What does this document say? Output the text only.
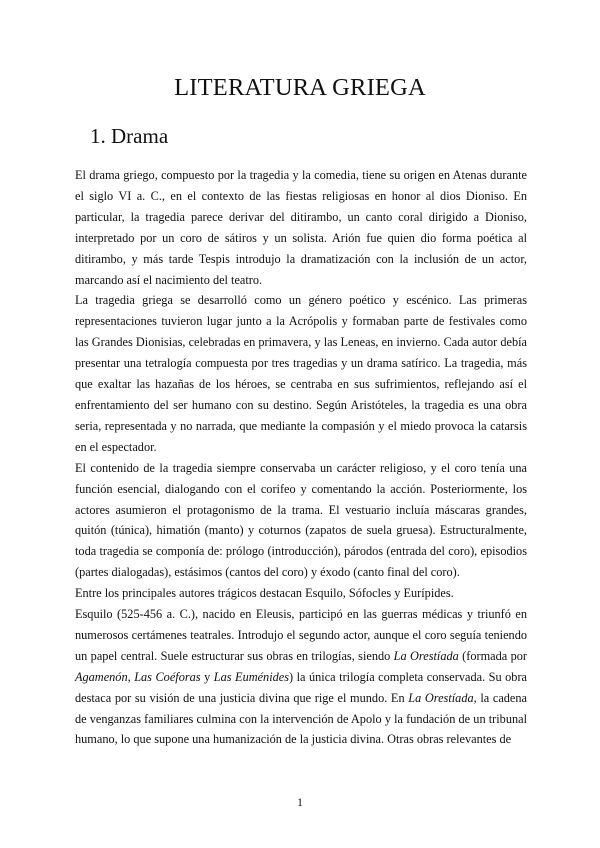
LITERATURA GRIEGA
1. Drama

El drama griego, compuesto por la tragedia y la comedia, tiene su origen en Atenas durante el siglo VI a. C., en el contexto de las fiestas religiosas en honor al dios Dioniso. En particular, la tragedia parece derivar del ditirambo, un canto coral dirigido a Dioniso, interpretado por un coro de sátiros y un solista. Arión fue quien dio forma poética al ditirambo, y más tarde Tespis introdujo la dramatización con la inclusión de un actor, marcando así el nacimiento del teatro.

La tragedia griega se desarrolló como un género poético y escénico. Las primeras representaciones tuvieron lugar junto a la Acrópolis y formaban parte de festivales como las Grandes Dionisias, celebradas en primavera, y las Leneas, en invierno. Cada autor debía presentar una tetralogía compuesta por tres tragedias y un drama satírico. La tragedia, más que exaltar las hazañas de los héroes, se centraba en sus sufrimientos, reflejando así el enfrentamiento del ser humano con su destino. Según Aristóteles, la tragedia es una obra seria, representada y no narrada, que mediante la compasión y el miedo provoca la catarsis en el espectador.

El contenido de la tragedia siempre conservaba un carácter religioso, y el coro tenía una función esencial, dialogando con el corifeo y comentando la acción. Posteriormente, los actores asumieron el protagonismo de la trama. El vestuario incluía máscaras grandes, quitón (túnica), himatión (manto) y coturnos (zapatos de suela gruesa). Estructuralmente, toda tragedia se componía de: prólogo (introducción), párodos (entrada del coro), episodios (partes dialogadas), estásimos (cantos del coro) y éxodo (canto final del coro).

Entre los principales autores trágicos destacan Esquilo, Sófocles y Eurípides.

Esquilo (525-456 a. C.), nacido en Eleusis, participó en las guerras médicas y triunfó en numerosos certámenes teatrales. Introdujo el segundo actor, aunque el coro seguía teniendo un papel central. Suele estructurar sus obras en trilogías, siendo La Orestíada (formada por Agamenón, Las Coéforas y Las Euménides) la única trilogía completa conservada. Su obra destaca por su visión de una justicia divina que rige el mundo. En La Orestíada, la cadena de venganzas familiares culmina con la intervención de Apolo y la fundación de un tribunal humano, lo que supone una humanización de la justicia divina. Otras obras relevantes de

1
